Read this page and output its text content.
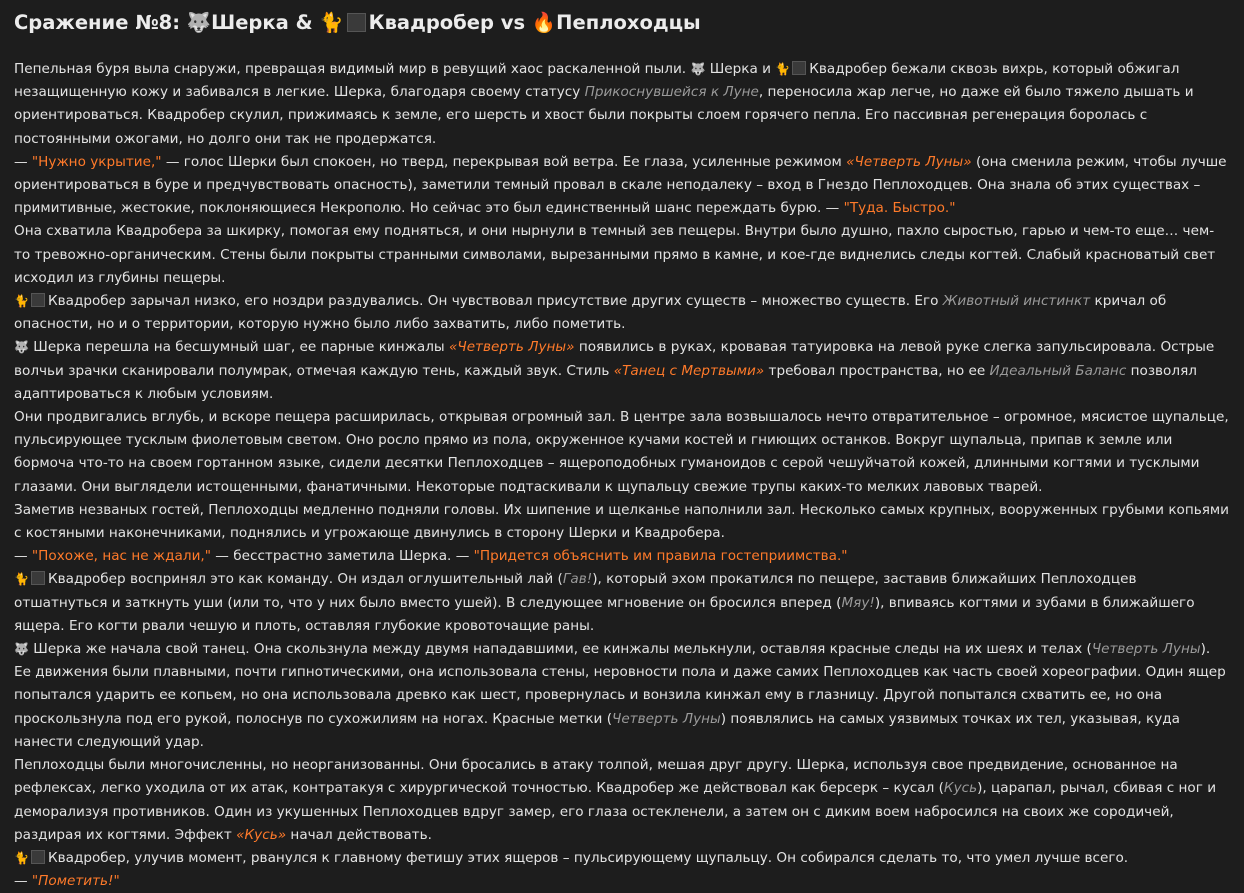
Сражение №8: 🐺Шерка & 🐈 Квадробер vs 🔥Пеплоходцы

Пепельная буря выла снаружи, превращая видимый мир в ревущий хаос раскаленной пыли. 🐺 Шерка и 🐈 Квадробер бежали сквозь вихрь, который обжигал незащищенную кожу и забивался в легкие. Шерка, благодаря своему статусу Прикоснувшейся к Луне, переносила жар легче, но даже ей было тяжело дышать и ориентироваться. Квадробер скулил, прижимаясь к земле, его шерсть и хвост были покрыты слоем горячего пепла. Его пассивная регенерация боролась с постоянными ожогами, но долго они так не продержатся.

— "Нужно укрытие," — голос Шерки был спокоен, но тверд, перекрывая вой ветра. Ее глаза, усиленные режимом «Четверть Луны» (она сменила режим, чтобы лучше ориентироваться в буре и предчувствовать опасность), заметили темный провал в скале неподалеку – вход в Гнездо Пеплоходцев. Она знала об этих существах – примитивные, жестокие, поклоняющиеся Некрополю. Но сейчас это был единственный шанс переждать бурю. — "Туда. Быстро."

Она схватила Квадробера за шкирку, помогая ему подняться, и они нырнули в темный зев пещеры. Внутри было душно, пахло сыростью, гарью и чем-то еще… чем-то тревожно-органическим. Стены были покрыты странными символами, вырезанными прямо в камне, и кое-где виднелись следы когтей. Слабый красноватый свет исходил из глубины пещеры.

🐈 Квадробер зарычал низко, его ноздри раздувались. Он чувствовал присутствие других существ – множество существ. Его Животный инстинкт кричал об опасности, но и о территории, которую нужно было либо захватить, либо пометить.

🐺 Шерка перешла на бесшумный шаг, ее парные кинжалы «Четверть Луны» появились в руках, кровавая татуировка на левой руке слегка запульсировала. Острые волчьи зрачки сканировали полумрак, отмечая каждую тень, каждый звук. Стиль «Танец с Мертвыми» требовал пространства, но ее Идеальный Баланс позволял адаптироваться к любым условиям.

Они продвигались вглубь, и вскоре пещера расширилась, открывая огромный зал. В центре зала возвышалось нечто отвратительное – огромное, мясистое щупальце, пульсирующее тусклым фиолетовым светом. Оно росло прямо из пола, окруженное кучами костей и гниющих останков. Вокруг щупальца, припав к земле или бормоча что-то на своем гортанном языке, сидели десятки Пеплоходцев – ящероподобных гуманоидов с серой чешуйчатой кожей, длинными когтями и тусклыми глазами. Они выглядели истощенными, фанатичными. Некоторые подтаскивали к щупальцу свежие трупы каких-то мелких лавовых тварей.

Заметив незваных гостей, Пеплоходцы медленно подняли головы. Их шипение и щелканье наполнили зал. Несколько самых крупных, вооруженных грубыми копьями с костяными наконечниками, поднялись и угрожающе двинулись в сторону Шерки и Квадробера.

— "Похоже, нас не ждали," — бесстрастно заметила Шерка. — "Придется объяснить им правила гостеприимства."

🐈 Квадробер воспринял это как команду. Он издал оглушительный лай (Гав!), который эхом прокатился по пещере, заставив ближайших Пеплоходцев отшатнуться и заткнуть уши (или то, что у них было вместо ушей). В следующее мгновение он бросился вперед (Мяу!), впиваясь когтями и зубами в ближайшего ящера. Его когти рвали чешую и плоть, оставляя глубокие кровоточащие раны.

🐺 Шерка же начала свой танец. Она скользнула между двумя нападавшими, ее кинжалы мелькнули, оставляя красные следы на их шеях и телах (Четверть Луны). Ее движения были плавными, почти гипнотическими, она использовала стены, неровности пола и даже самих Пеплоходцев как часть своей хореографии. Один ящер попытался ударить ее копьем, но она использовала древко как шест, провернулась и вонзила кинжал ему в глазницу. Другой попытался схватить ее, но она проскользнула под его рукой, полоснув по сухожилиям на ногах. Красные метки (Четверть Луны) появлялись на самых уязвимых точках их тел, указывая, куда нанести следующий удар.

Пеплоходцы были многочисленны, но неорганизованны. Они бросались в атаку толпой, мешая друг другу. Шерка, используя свое предвидение, основанное на рефлексах, легко уходила от их атак, контратакуя с хирургической точностью. Квадробер же действовал как берсерк – кусал (Кусь), царапал, рычал, сбивая с ног и деморализуя противников. Один из укушенных Пеплоходцев вдруг замер, его глаза остекленели, а затем он с диким воем набросился на своих же сородичей, раздирая их когтями. Эффект «Кусь» начал действовать.

🐈 Квадробер, улучив момент, рванулся к главному фетишу этих ящеров – пульсирующему щупальцу. Он собирался сделать то, что умел лучше всего.

— "Пометить!"
